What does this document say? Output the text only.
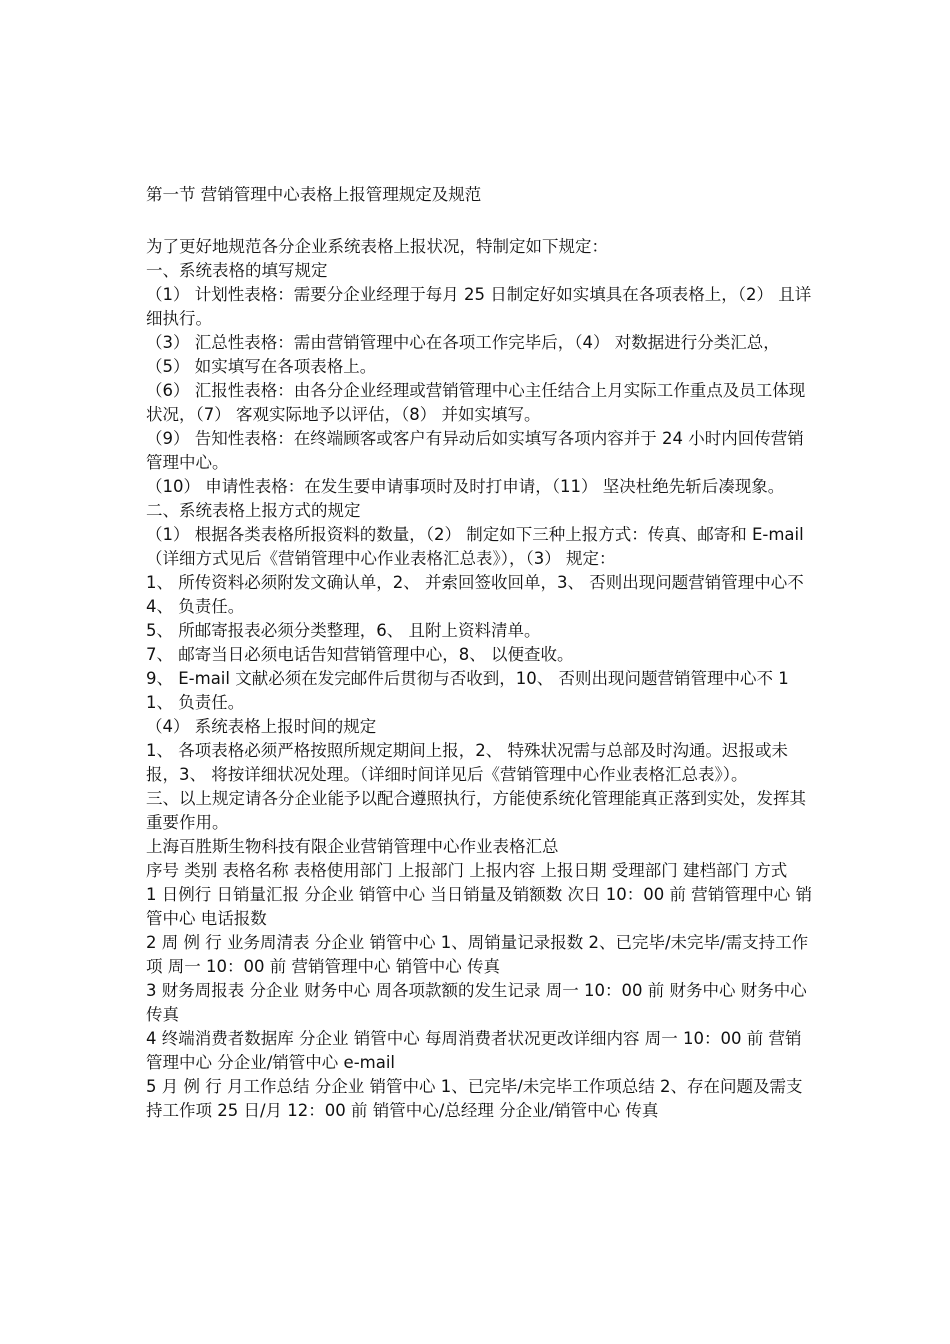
第一节 营销管理中心表格上报管理规定及规范

为了更好地规范各分企业系统表格上报状况，特制定如下规定：

一、系统表格的填写规定

（1） 计划性表格：需要分企业经理于每月 25 日制定好如实填具在各项表格上，（2） 且详细执行。

（3） 汇总性表格：需由营销管理中心在各项工作完毕后，（4） 对数据进行分类汇总，（5） 如实填写在各项表格上。

（6） 汇报性表格：由各分企业经理或营销管理中心主任结合上月实际工作重点及员工体现状况，（7） 客观实际地予以评估，（8） 并如实填写。

（9） 告知性表格：在终端顾客或客户有异动后如实填写各项内容并于 24 小时内回传营销管理中心。

（10） 申请性表格：在发生要申请事项时及时打申请，（11） 坚决杜绝先斩后凑现象。

二、系统表格上报方式的规定

（1） 根据各类表格所报资料的数量，（2） 制定如下三种上报方式：传真、邮寄和 E-mail（详细方式见后《营销管理中心作业表格汇总表》），（3） 规定：

1、 所传资料必须附发文确认单，2、 并索回签收回单，3、 否则出现问题营销管理中心不 4、 负责任。

5、 所邮寄报表必须分类整理，6、 且附上资料清单。

7、 邮寄当日必须电话告知营销管理中心，8、 以便查收。

9、 E-mail 文献必须在发完邮件后贯彻与否收到，10、 否则出现问题营销管理中心不 11、 负责任。

（4） 系统表格上报时间的规定

1、 各项表格必须严格按照所规定期间上报，2、 特殊状况需与总部及时沟通。迟报或未报，3、 将按详细状况处理。（详细时间详见后《营销管理中心作业表格汇总表》）。

三、以上规定请各分企业能予以配合遵照执行，方能使系统化管理能真正落到实处，发挥其重要作用。

上海百胜斯生物科技有限企业营销管理中心作业表格汇总

序号 类别 表格名称 表格使用部门 上报部门 上报内容 上报日期 受理部门 建档部门 方式

1 日例行 日销量汇报 分企业 销管中心 当日销量及销额数 次日 10：00 前 营销管理中心 销管中心 电话报数

2 周 例 行 业务周清表 分企业 销管中心 1、周销量记录报数 2、已完毕/未完毕/需支持工作项 周一 10：00 前 营销管理中心 销管中心 传真

3 财务周报表 分企业 财务中心 周各项款额的发生记录 周一 10：00 前 财务中心 财务中心 传真

4 终端消费者数据库 分企业 销管中心 每周消费者状况更改详细内容 周一 10：00 前 营销管理中心 分企业/销管中心 e-mail

5 月 例 行 月工作总结 分企业 销管中心 1、已完毕/未完毕工作项总结 2、存在问题及需支持工作项 25 日/月 12：00 前 销管中心/总经理 分企业/销管中心 传真
